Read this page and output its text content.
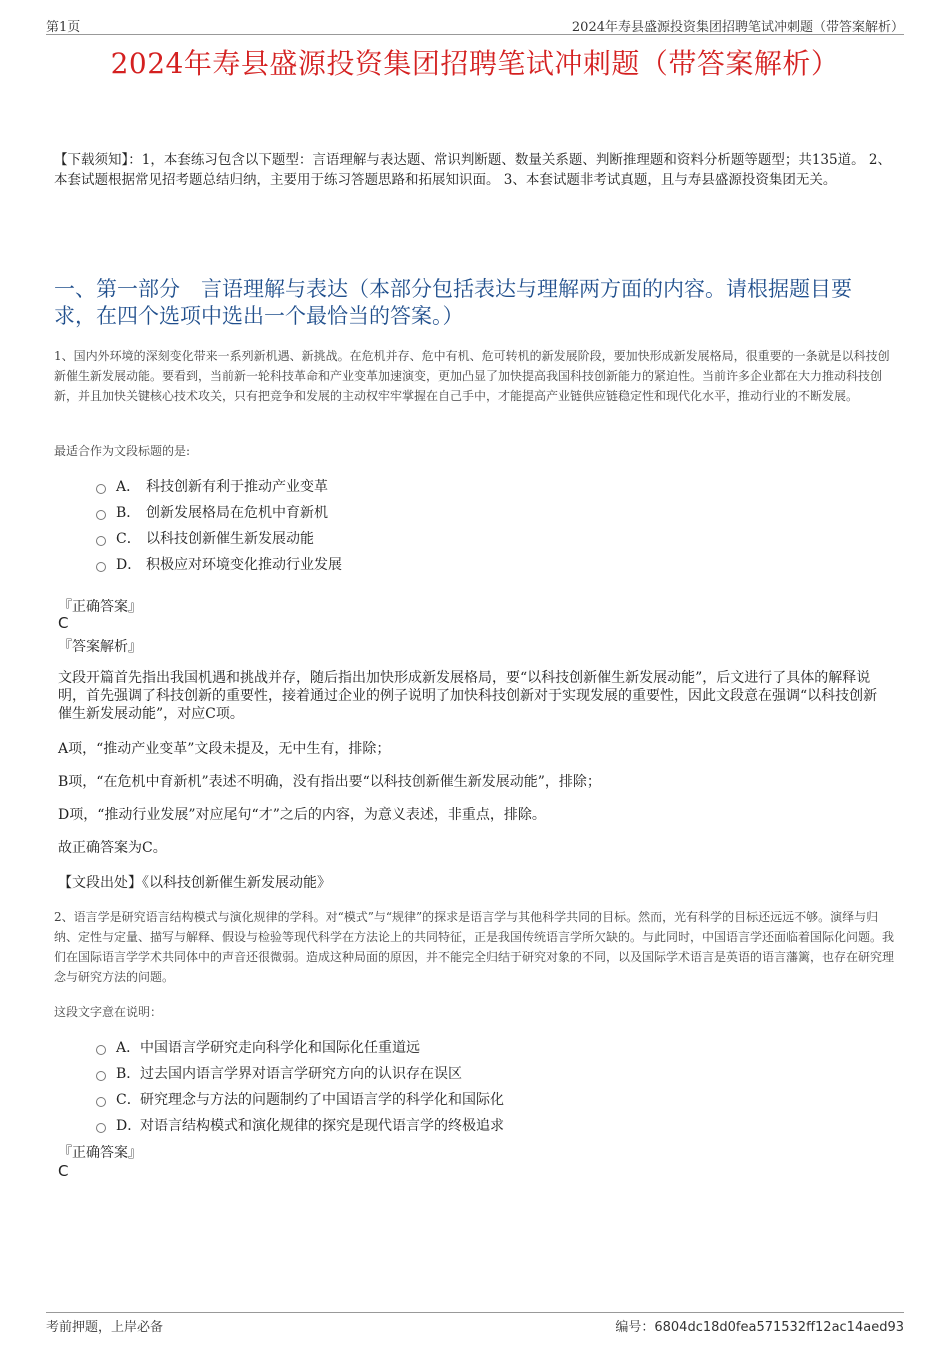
第1页	2024年寿县盛源投资集团招聘笔试冲刺题（带答案解析）
2024年寿县盛源投资集团招聘笔试冲刺题（带答案解析）
【下载须知】：1，本套练习包含以下题型：言语理解与表达题、常识判断题、数量关系题、判断推理题和资料分析题等题型；共135道。 2、本套试题根据常见招考题总结归纳，主要用于练习答题思路和拓展知识面。 3、本套试题非考试真题，且与寿县盛源投资集团无关。
一、第一部分　言语理解与表达（本部分包括表达与理解两方面的内容。请根据题目要求，在四个选项中选出一个最恰当的答案。）
1、国内外环境的深刻变化带来一系列新机遇、新挑战。在危机并存、危中有机、危可转机的新发展阶段，要加快形成新发展格局，很重要的一条就是以科技创新催生新发展动能。要看到，当前新一轮科技革命和产业变革加速演变，更加凸显了加快提高我国科技创新能力的紧迫性。当前许多企业都在大力推动科技创新，并且加快关键核心技术攻关，只有把竞争和发展的主动权牢牢掌握在自己手中，才能提高产业链供应链稳定性和现代化水平，推动行业的不断发展。
最适合作为文段标题的是:
A． 科技创新有利于推动产业变革
B． 创新发展格局在危机中育新机
C． 以科技创新催生新发展动能
D． 积极应对环境变化推动行业发展
『正确答案』
C
『答案解析』
文段开篇首先指出我国机遇和挑战并存，随后指出加快形成新发展格局，要“以科技创新催生新发展动能”，后文进行了具体的解释说明，首先强调了科技创新的重要性，接着通过企业的例子说明了加快科技创新对于实现发展的重要性，因此文段意在强调“以科技创新催生新发展动能”，对应C项。
A项，“推动产业变革”文段未提及，无中生有，排除；
B项，“在危机中育新机”表述不明确，没有指出要“以科技创新催生新发展动能”，排除；
D项，“推动行业发展”对应尾句“才”之后的内容，为意义表述，非重点，排除。
故正确答案为C。
【文段出处】《以科技创新催生新发展动能》
2、语言学是研究语言结构模式与演化规律的学科。对“模式”与“规律”的探求是语言学与其他科学共同的目标。然而，光有科学的目标还远远不够。演绎与归纳、定性与定量、描写与解释、假设与检验等现代科学在方法论上的共同特征，正是我国传统语言学所欠缺的。与此同时，中国语言学还面临着国际化问题。我们在国际语言学学术共同体中的声音还很微弱。造成这种局面的原因，并不能完全归结于研究对象的不同，以及国际学术语言是英语的语言藩篱，也存在研究理念与研究方法的问题。
这段文字意在说明：
A． 中国语言学研究走向科学化和国际化任重道远
B． 过去国内语言学界对语言学研究方向的认识存在误区
C． 研究理念与方法的问题制约了中国语言学的科学化和国际化
D．
对语言结构模式和演化规律的探究是现代语言学的终极追求
『正确答案』
C
考前押题，上岸必备	编号：6804dc18d0fea571532ff12ac14aed93
